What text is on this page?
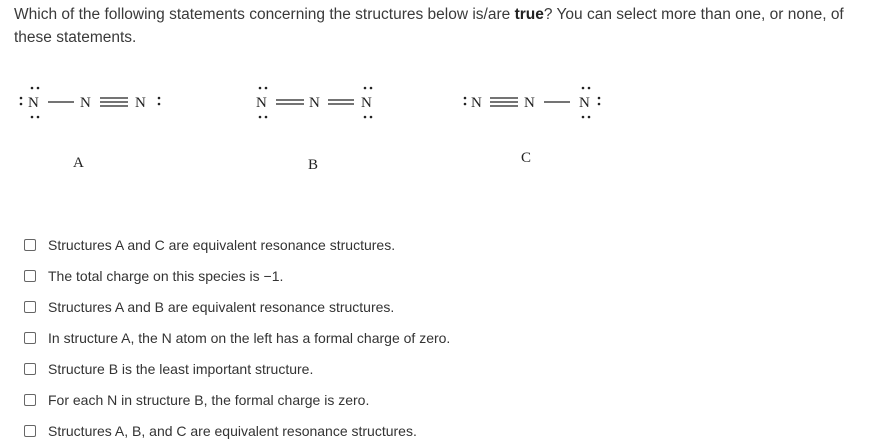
Which of the following statements concerning the structures below is/are true? You can select more than one, or none, of these statements.
N	N	N
A
N	N	N
B
N	N	N
C
Structures A and C are equivalent resonance structures.
The total charge on this species is −1.
Structures A and B are equivalent resonance structures.
In structure A, the N atom on the left has a formal charge of zero.
Structure B is the least important structure.
For each N in structure B, the formal charge is zero.
Structures A, B, and C are equivalent resonance structures.
